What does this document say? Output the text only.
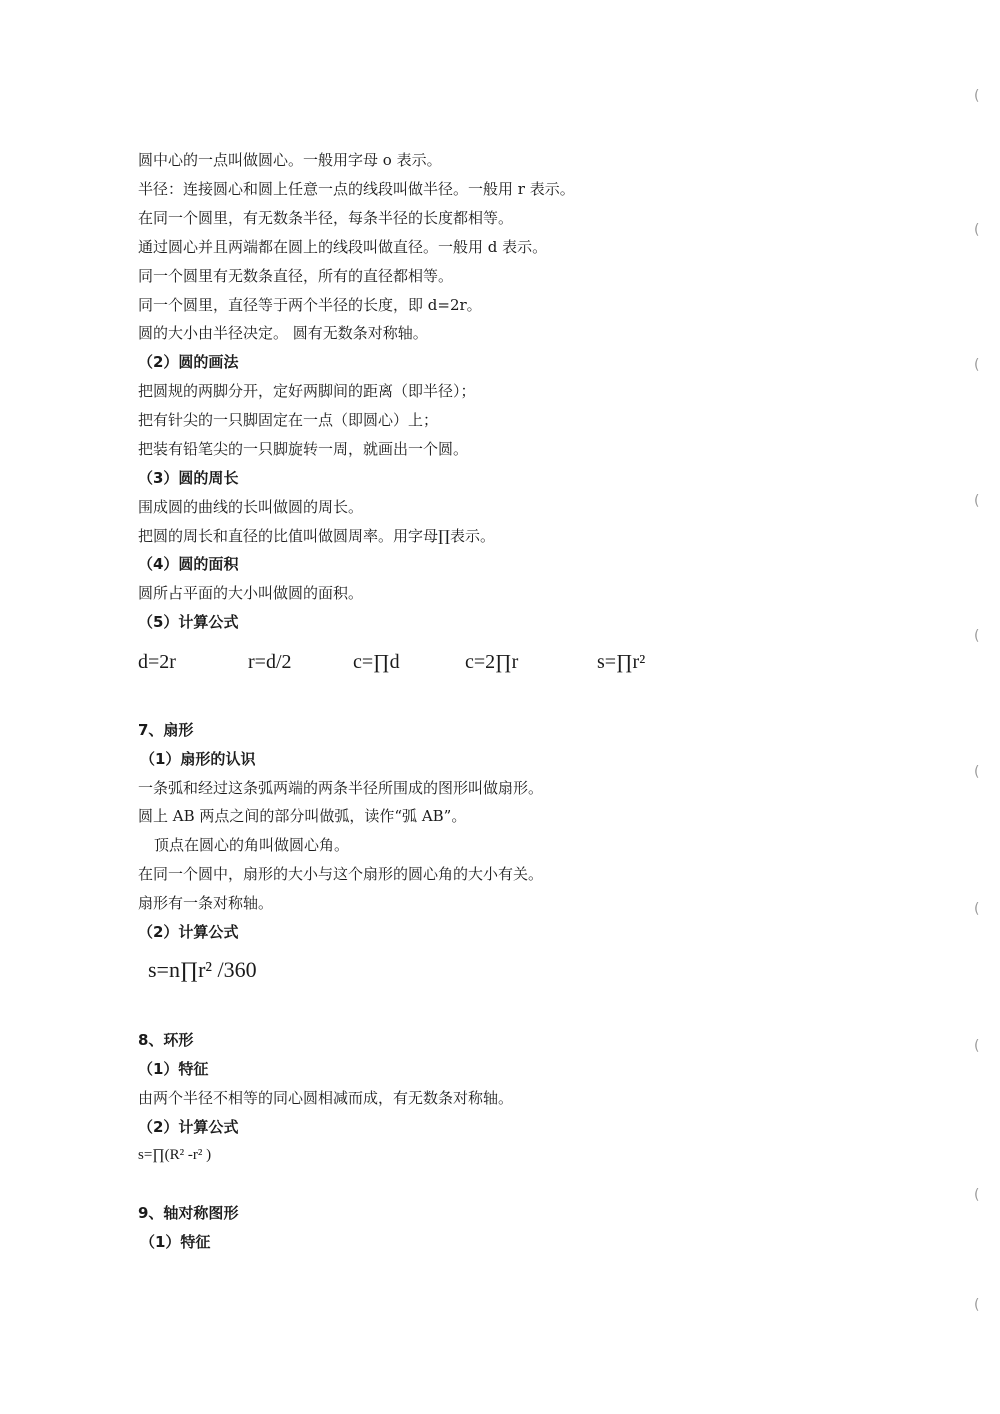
圆中心的一点叫做圆心。一般用字母 o 表示。
半径：连接圆心和圆上任意一点的线段叫做半径。一般用 r 表示。
在同一个圆里，有无数条半径，每条半径的长度都相等。
通过圆心并且两端都在圆上的线段叫做直径。一般用 d 表示。
同一个圆里有无数条直径，所有的直径都相等。
同一个圆里，直径等于两个半径的长度，即 d=2r。
圆的大小由半径决定。 圆有无数条对称轴。
（2）圆的画法
把圆规的两脚分开，定好两脚间的距离（即半径）；
把有针尖的一只脚固定在一点（即圆心）上；
把装有铅笔尖的一只脚旋转一周，就画出一个圆。
（3）圆的周长
围成圆的曲线的长叫做圆的周长。
把圆的周长和直径的比值叫做圆周率。用字母∏表示。
（4）圆的面积
圆所占平面的大小叫做圆的面积。
（5）计算公式
d=2r	r=d/2	c=∏d	c=2∏r	s=∏r²
7、扇形
（1）扇形的认识
一条弧和经过这条弧两端的两条半径所围成的图形叫做扇形。
圆上 AB 两点之间的部分叫做弧，读作“弧 AB”。
顶点在圆心的角叫做圆心角。
在同一个圆中，扇形的大小与这个扇形的圆心角的大小有关。
扇形有一条对称轴。
（2）计算公式
s=n∏r² /360
8、环形
（1）特征
由两个半径不相等的同心圆相减而成，有无数条对称轴。
（2）计算公式
s=∏(R² -r² )
9、轴对称图形
（1）特征
(
(
(
(
(
(
(
(
(
(
